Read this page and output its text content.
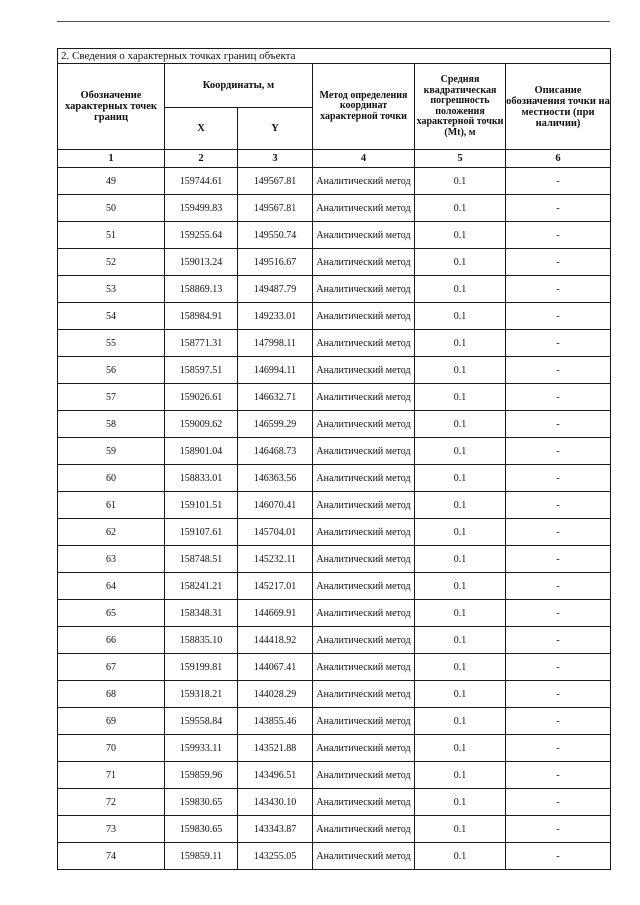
2. Сведения о характерных точках границ объекта					
Обозначение характерных точек границ	Координаты, м		Метод определения координат характерной точки	Средняя квадратическая погрешность положения характерной точки (Mt), м	Описание обозначения точки на местности (при наличии)
	X	Y			
1	2	3	4	5	6
49	159744.61	149567.81	Аналитический метод	0.1	-
50	159499.83	149567.81	Аналитический метод	0.1	-
51	159255.64	149550.74	Аналитический метод	0.1	-
52	159013.24	149516.67	Аналитический метод	0.1	-
53	158869.13	149487.79	Аналитический метод	0.1	-
54	158984.91	149233.01	Аналитический метод	0.1	-
55	158771.31	147998.11	Аналитический метод	0.1	-
56	158597.51	146994.11	Аналитический метод	0.1	-
57	159026.61	146632.71	Аналитический метод	0.1	-
58	159009.62	146599.29	Аналитический метод	0.1	-
59	158901.04	146468.73	Аналитический метод	0.1	-
60	158833.01	146363.56	Аналитический метод	0.1	-
61	159101.51	146070.41	Аналитический метод	0.1	-
62	159107.61	145704.01	Аналитический метод	0.1	-
63	158748.51	145232.11	Аналитический метод	0.1	-
64	158241.21	145217.01	Аналитический метод	0.1	-
65	158348.31	144669.91	Аналитический метод	0.1	-
66	158835.10	144418.92	Аналитический метод	0.1	-
67	159199.81	144067.41	Аналитический метод	0.1	-
68	159318.21	144028.29	Аналитический метод	0.1	-
69	159558.84	143855.46	Аналитический метод	0.1	-
70	159933.11	143521.88	Аналитический метод	0.1	-
71	159859.96	143496.51	Аналитический метод	0.1	-
72	159830.65	143430.10	Аналитический метод	0.1	-
73	159830.65	143343.87	Аналитический метод	0.1	-
74	159859.11	143255.05	Аналитический метод	0.1	-
